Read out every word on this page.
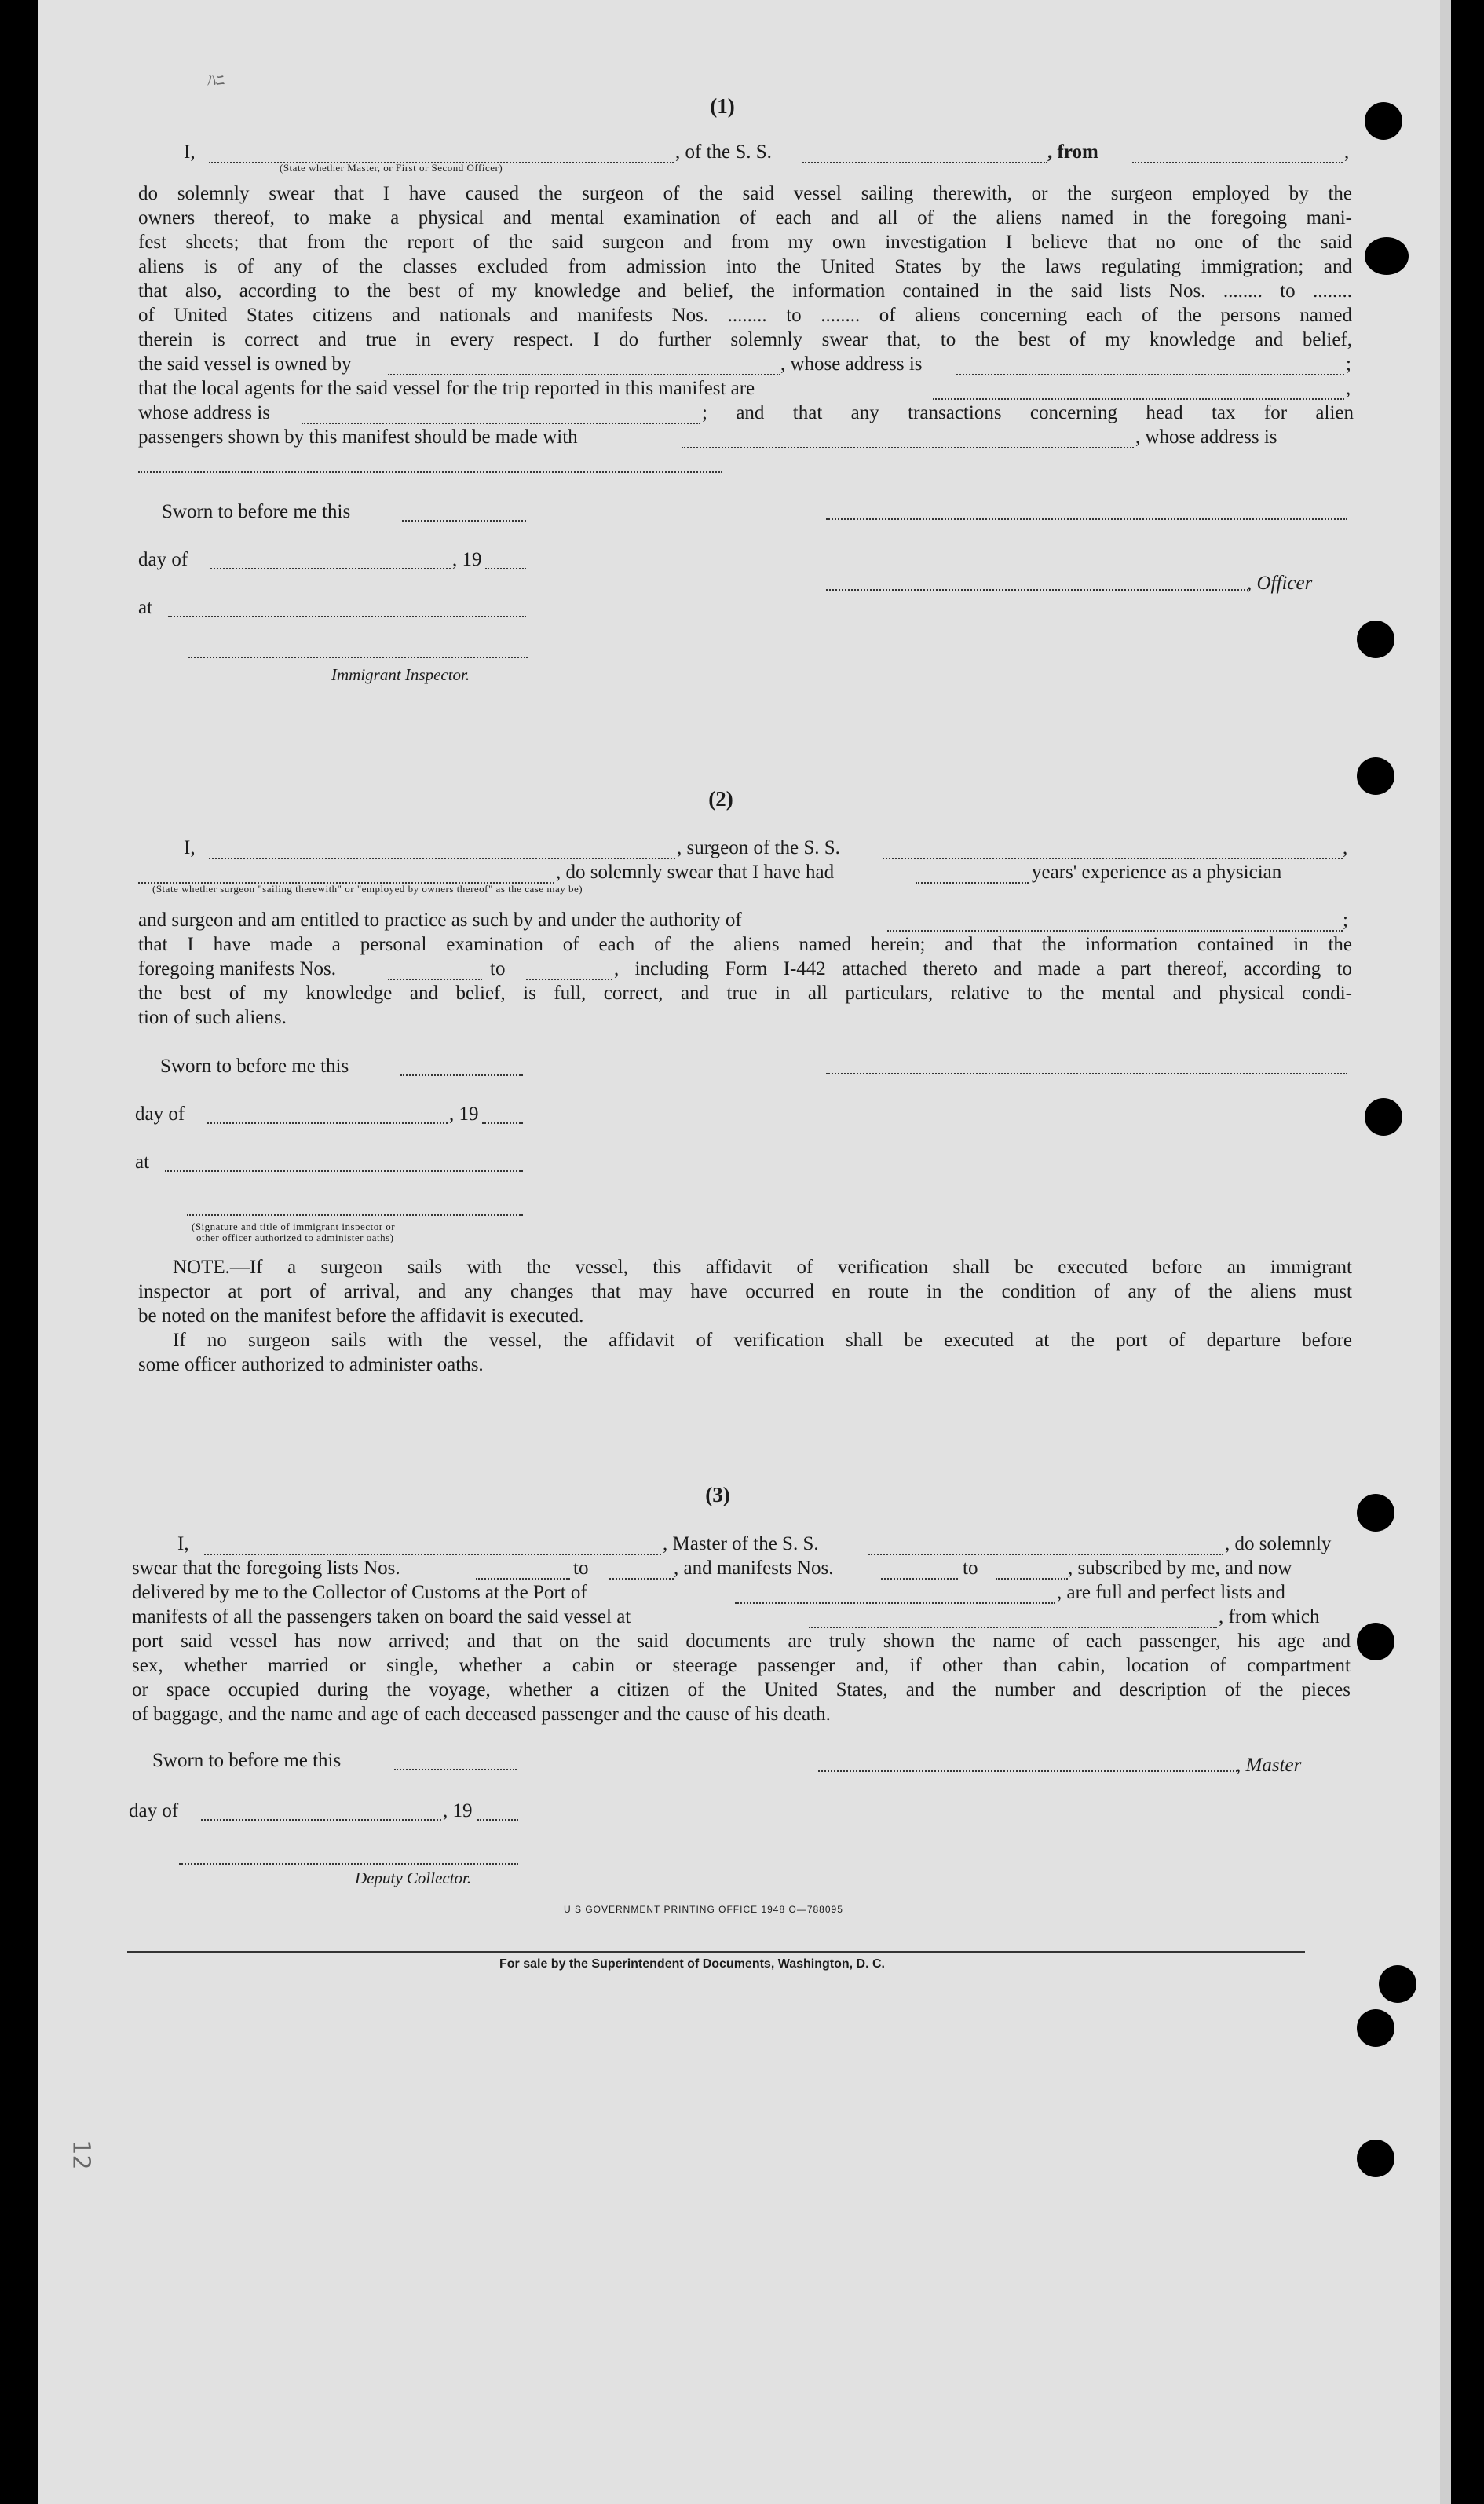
ﾊﾆ
12
(1)
I,	, of the S. S.	, from	,
(State whether Master, or First or Second Officer)
do solemnly swear that I have caused the surgeon of the said vessel sailing therewith, or the surgeon employed by the
owners thereof, to make a physical and mental examination of each and all of the aliens named in the foregoing mani-
fest sheets; that from the report of the said surgeon and from my own investigation I believe that no one of the said
aliens is of any of the classes excluded from admission into the United States by the laws regulating immigration; and
that also, according to the best of my knowledge and belief, the information contained in the said lists Nos. ........ to ........
of United States citizens and nationals and manifests Nos. ........ to ........ of aliens concerning each of the persons named
therein is correct and true in every respect. I do further solemnly swear that, to the best of my knowledge and belief,
the said vessel is owned by	, whose address is	;
that the local agents for the said vessel for the trip reported in this manifest are	,
whose address is	; and that any transactions concerning head tax for alien
passengers shown by this manifest should be made with	, whose address is
Sworn to before me this
day of	, 19
, Officer
at
Immigrant Inspector.
(2)
I,	, surgeon of the S. S.	,
, do solemnly swear that I have had	years' experience as a physician
(State whether surgeon "sailing therewith" or "employed by owners thereof" as the case may be)
and surgeon and am entitled to practice as such by and under the authority of	;
that I have made a personal examination of each of the aliens named herein; and that the information contained in the
foregoing manifests Nos.	to	, including Form I-442 attached thereto and made a part thereof, according to
the best of my knowledge and belief, is full, correct, and true in all particulars, relative to the mental and physical condi-
tion of such aliens.
Sworn to before me this
day of	, 19
at
(Signature and title of immigrant inspector or
other officer authorized to administer oaths)
NOTE.—If a surgeon sails with the vessel, this affidavit of verification shall be executed before an immigrant
inspector at port of arrival, and any changes that may have occurred en route in the condition of any of the aliens must
be noted on the manifest before the affidavit is executed.
If no surgeon sails with the vessel, the affidavit of verification shall be executed at the port of departure before
some officer authorized to administer oaths.
(3)
I,	, Master of the S. S.	, do solemnly
swear that the foregoing lists Nos.	to	, and manifests Nos.	to	, subscribed by me, and now
delivered by me to the Collector of Customs at the Port of	, are full and perfect lists and
manifests of all the passengers taken on board the said vessel at	, from which
port said vessel has now arrived; and that on the said documents are truly shown the name of each passenger, his age and
sex, whether married or single, whether a cabin or steerage passenger and, if other than cabin, location of compartment
or space occupied during the voyage, whether a citizen of the United States, and the number and description of the pieces
of baggage, and the name and age of each deceased passenger and the cause of his death.
Sworn to before me this	, Master
day of	, 19
Deputy Collector.
U S GOVERNMENT PRINTING OFFICE 1948 O—788095
For sale by the Superintendent of Documents, Washington, D. C.
